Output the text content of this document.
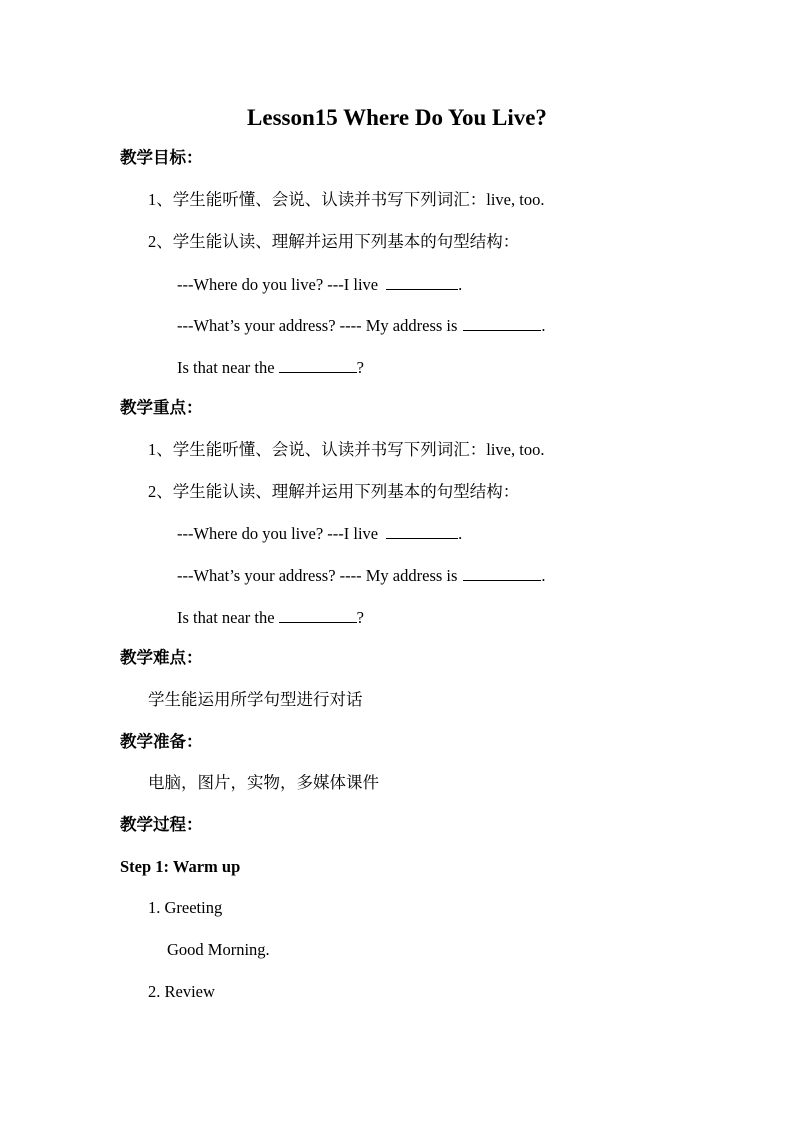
Lesson15 Where Do You Live?
教学目标：
1、学生能听懂、会说、认读并书写下列词汇：live, too.
2、学生能认读、理解并运用下列基本的句型结构：
---Where do you live? ---I live	.
---What’s your address? ---- My address is	.
Is that near the	?
教学重点：
1、学生能听懂、会说、认读并书写下列词汇：live, too.
2、学生能认读、理解并运用下列基本的句型结构：
---Where do you live? ---I live	.
---What’s your address? ---- My address is	.
Is that near the	?
教学难点：
学生能运用所学句型进行对话
教学准备：
电脑，图片，实物，多媒体课件
教学过程：
Step 1: Warm up
1. Greeting
Good Morning.
2. Review
